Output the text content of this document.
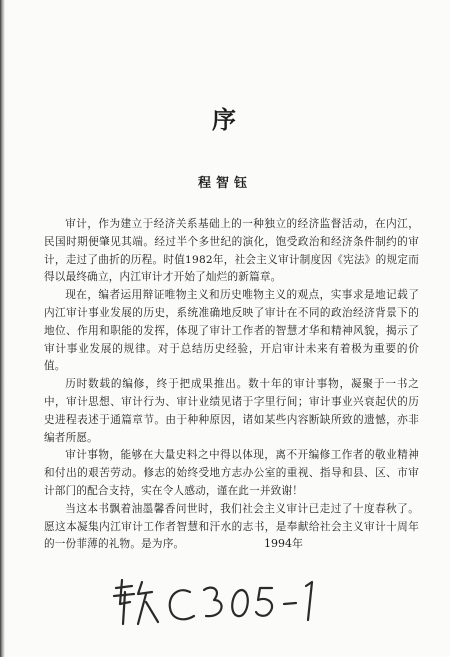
序
程智钰

审计，作为建立于经济关系基础上的一种独立的经济监督活动，在内江，民国时期便肇见其端。经过半个多世纪的演化，饱受政治和经济条件制约的审计，走过了曲折的历程。时值1982年，社会主义审计制度因《宪法》的规定而得以最终确立，内江审计才开始了灿烂的新篇章。

现在，编者运用辩证唯物主义和历史唯物主义的观点，实事求是地记载了内江审计事业发展的历史，系统准确地反映了审计在不同的政治经济背景下的地位、作用和职能的发挥，体现了审计工作者的智慧才华和精神风貌，揭示了审计事业发展的规律。对于总结历史经验，开启审计未来有着极为重要的价值。

历时数载的编修，终于把成果推出。数十年的审计事物，凝聚于一书之中，审计思想、审计行为、审计业绩见诸于字里行间；审计事业兴衰起伏的历史进程表述于通篇章节。由于种种原因，诸如某些内容断缺所致的遗憾，亦非编者所愿。

审计事物，能够在大量史料之中得以体现，离不开编修工作者的敬业精神和付出的艰苦劳动。修志的始终受地方志办公室的重视、指导和县、区、市审计部门的配合支持，实在令人感动，谨在此一并致谢！

当这本书飘着油墨馨香问世时，我们社会主义审计已走过了十度春秋了。愿这本凝集内江审计工作者智慧和汗水的志书，是奉献给社会主义审计十周年的一份菲薄的礼物。是为序。	1994年
